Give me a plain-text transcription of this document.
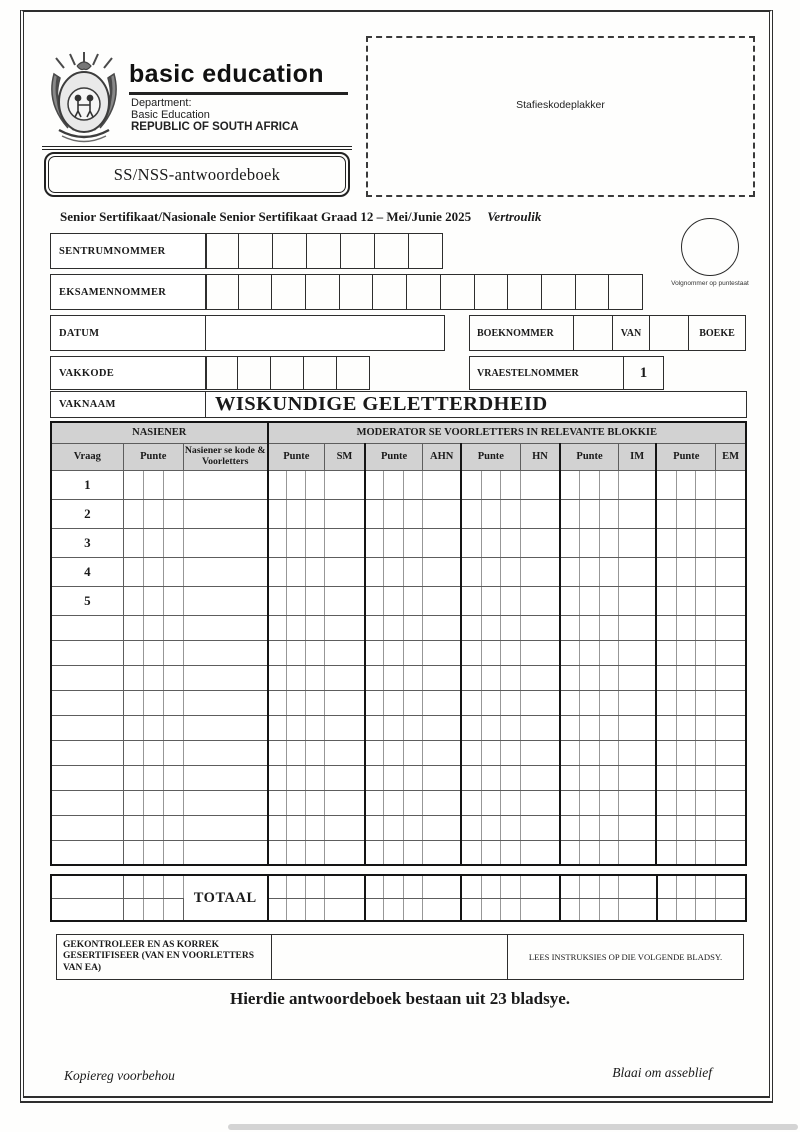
basic education
Department:
Basic Education
REPUBLIC OF SOUTH AFRICA
Stafieskodeplakker
SS/NSS-antwoordeboek
Senior Sertifikaat/Nasionale Senior Sertifikaat Graad 12 – Mei/Junie 2025 Vertroulik
Volgnommer op puntestaat
SENTRUMNOMMER
EKSAMENNOMMER
DATUM	BOEKNOMMER	VAN	BOEKE
VAKKODE	VRAESTELNOMMER	1
VAKNAAM	WISKUNDIGE GELETTERDHEID
NASIENER					MODERATOR SE VOORLETTERS IN RELEVANTE BLOKKIE																			
Vraag	Punte			Nasiener se kode & Voorletters	Punte			SM	Punte			AHN	Punte			HN	Punte			IM	Punte			EM
1																								
2																								
3																								
4																								
5																								

				TOTAAL																				

GEKONTROLEER EN AS KORREK GESERTIFISEER (VAN EN VOORLETTERS VAN EA)
LEES INSTRUKSIES OP DIE VOLGENDE BLADSY.
Hierdie antwoordeboek bestaan uit 23 bladsye.
Kopiereg voorbehou	Blaai om asseblief
